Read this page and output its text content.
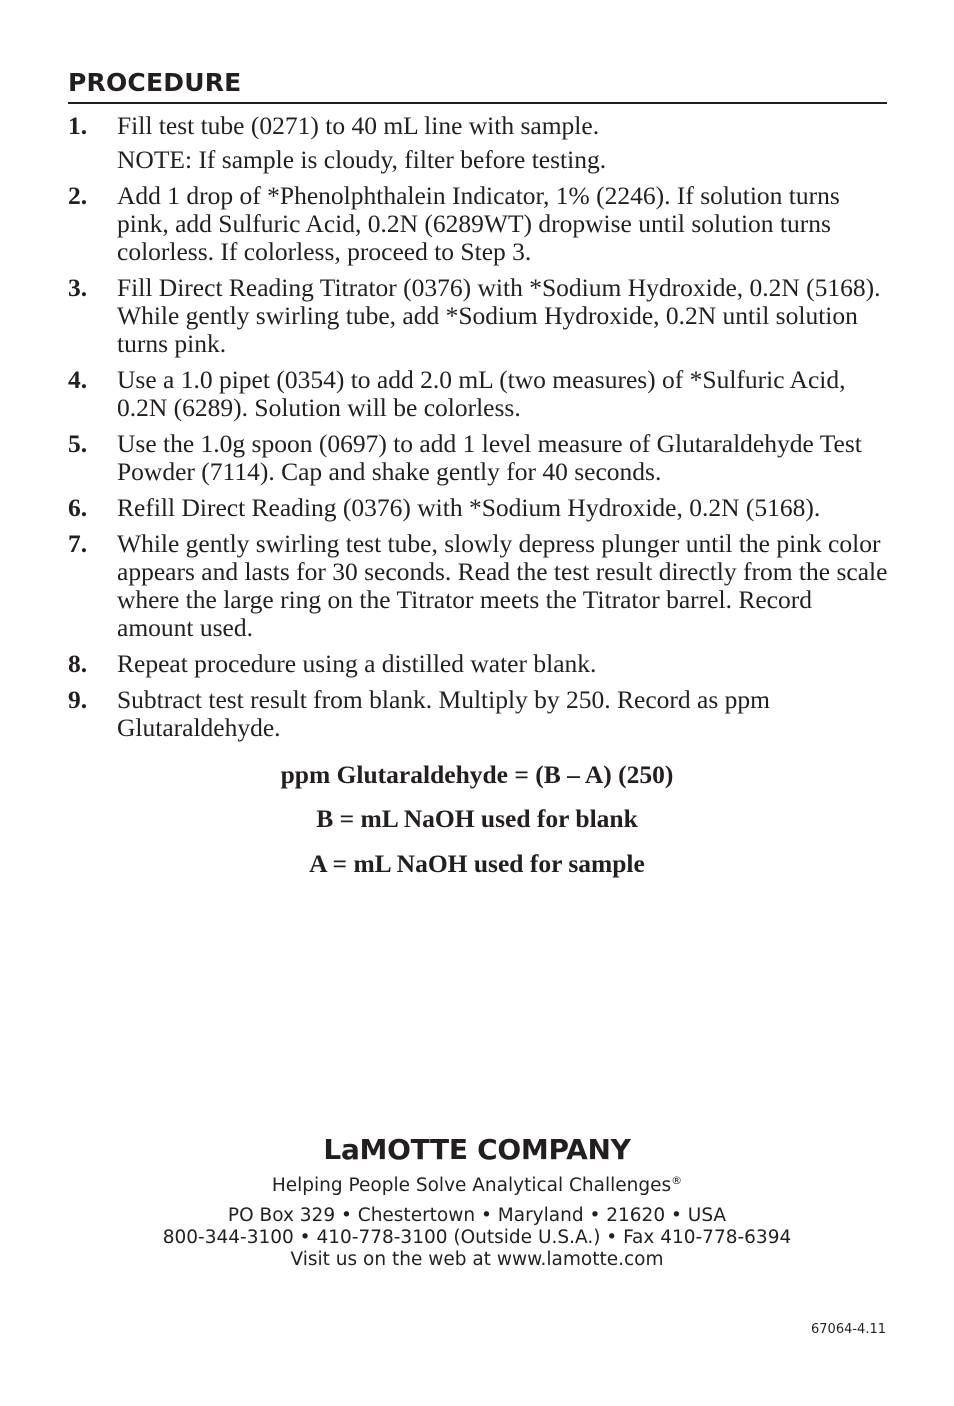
PROCEDURE
1.	Fill test tube (0271) to 40 mL line with sample.
NOTE: If sample is cloudy, filter before testing.
2.	Add 1 drop of *Phenolphthalein Indicator, 1% (2246). If solution turns pink, add Sulfuric Acid, 0.2N (6289WT) dropwise until solution turns colorless. If colorless, proceed to Step 3.
3.	Fill Direct Reading Titrator (0376) with *Sodium Hydroxide, 0.2N (5168). While gently swirling tube, add *Sodium Hydroxide, 0.2N until solution turns pink.
4.	Use a 1.0 pipet (0354) to add 2.0 mL (two measures) of *Sulfuric Acid, 0.2N (6289). Solution will be colorless.
5.	Use the 1.0g spoon (0697) to add 1 level measure of Glutaraldehyde Test Powder (7114). Cap and shake gently for 40 seconds.
6.	Refill Direct Reading (0376) with *Sodium Hydroxide, 0.2N (5168).
7.	While gently swirling test tube, slowly depress plunger until the pink color appears and lasts for 30 seconds. Read the test result directly from the scale where the large ring on the Titrator meets the Titrator barrel. Record amount used.
8.	Repeat procedure using a distilled water blank.
9.	Subtract test result from blank. Multiply by 250. Record as ppm Glutaraldehyde.
ppm Glutaraldehyde = (B – A) (250)
B = mL NaOH used for blank
A = mL NaOH used for sample
LaMOTTE COMPANY
Helping People Solve Analytical Challenges®
PO Box 329 • Chestertown • Maryland • 21620 • USA
800-344-3100 • 410-778-3100 (Outside U.S.A.) • Fax 410-778-6394
Visit us on the web at www.lamotte.com
67064-4.11
